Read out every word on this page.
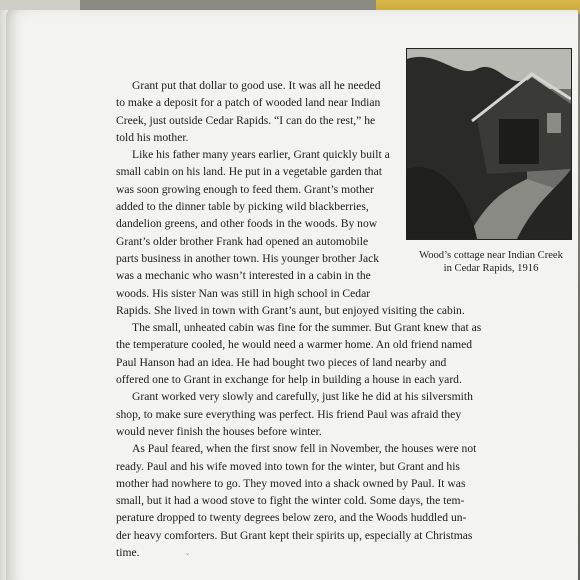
Wood’s cottage near Indian Creek
in Cedar Rapids, 1916
Grant put that dollar to good use. It was all he needed
to make a deposit for a patch of wooded land near Indian
Creek, just outside Cedar Rapids. “I can do the rest,” he
told his mother.
Like his father many years earlier, Grant quickly built a
small cabin on his land. He put in a vegetable garden that
was soon growing enough to feed them. Grant’s mother
added to the dinner table by picking wild blackberries,
dandelion greens, and other foods in the woods. By now
Grant’s older brother Frank had opened an automobile
parts business in another town. His younger brother Jack
was a mechanic who wasn’t interested in a cabin in the
woods. His sister Nan was still in high school in Cedar
Rapids. She lived in town with Grant’s aunt, but enjoyed visiting the cabin.
The small, unheated cabin was fine for the summer. But Grant knew that as
the temperature cooled, he would need a warmer home. An old friend named
Paul Hanson had an idea. He had bought two pieces of land nearby and
offered one to Grant in exchange for help in building a house in each yard.
Grant worked very slowly and carefully, just like he did at his silversmith
shop, to make sure everything was perfect. His friend Paul was afraid they
would never finish the houses before winter.
As Paul feared, when the first snow fell in November, the houses were not
ready. Paul and his wife moved into town for the winter, but Grant and his
mother had nowhere to go. They moved into a shack owned by Paul. It was
small, but it had a wood stove to fight the winter cold. Some days, the tem-
perature dropped to twenty degrees below zero, and the Woods huddled un-
der heavy comforters. But Grant kept their spirits up, especially at Christmas
time.	˘
